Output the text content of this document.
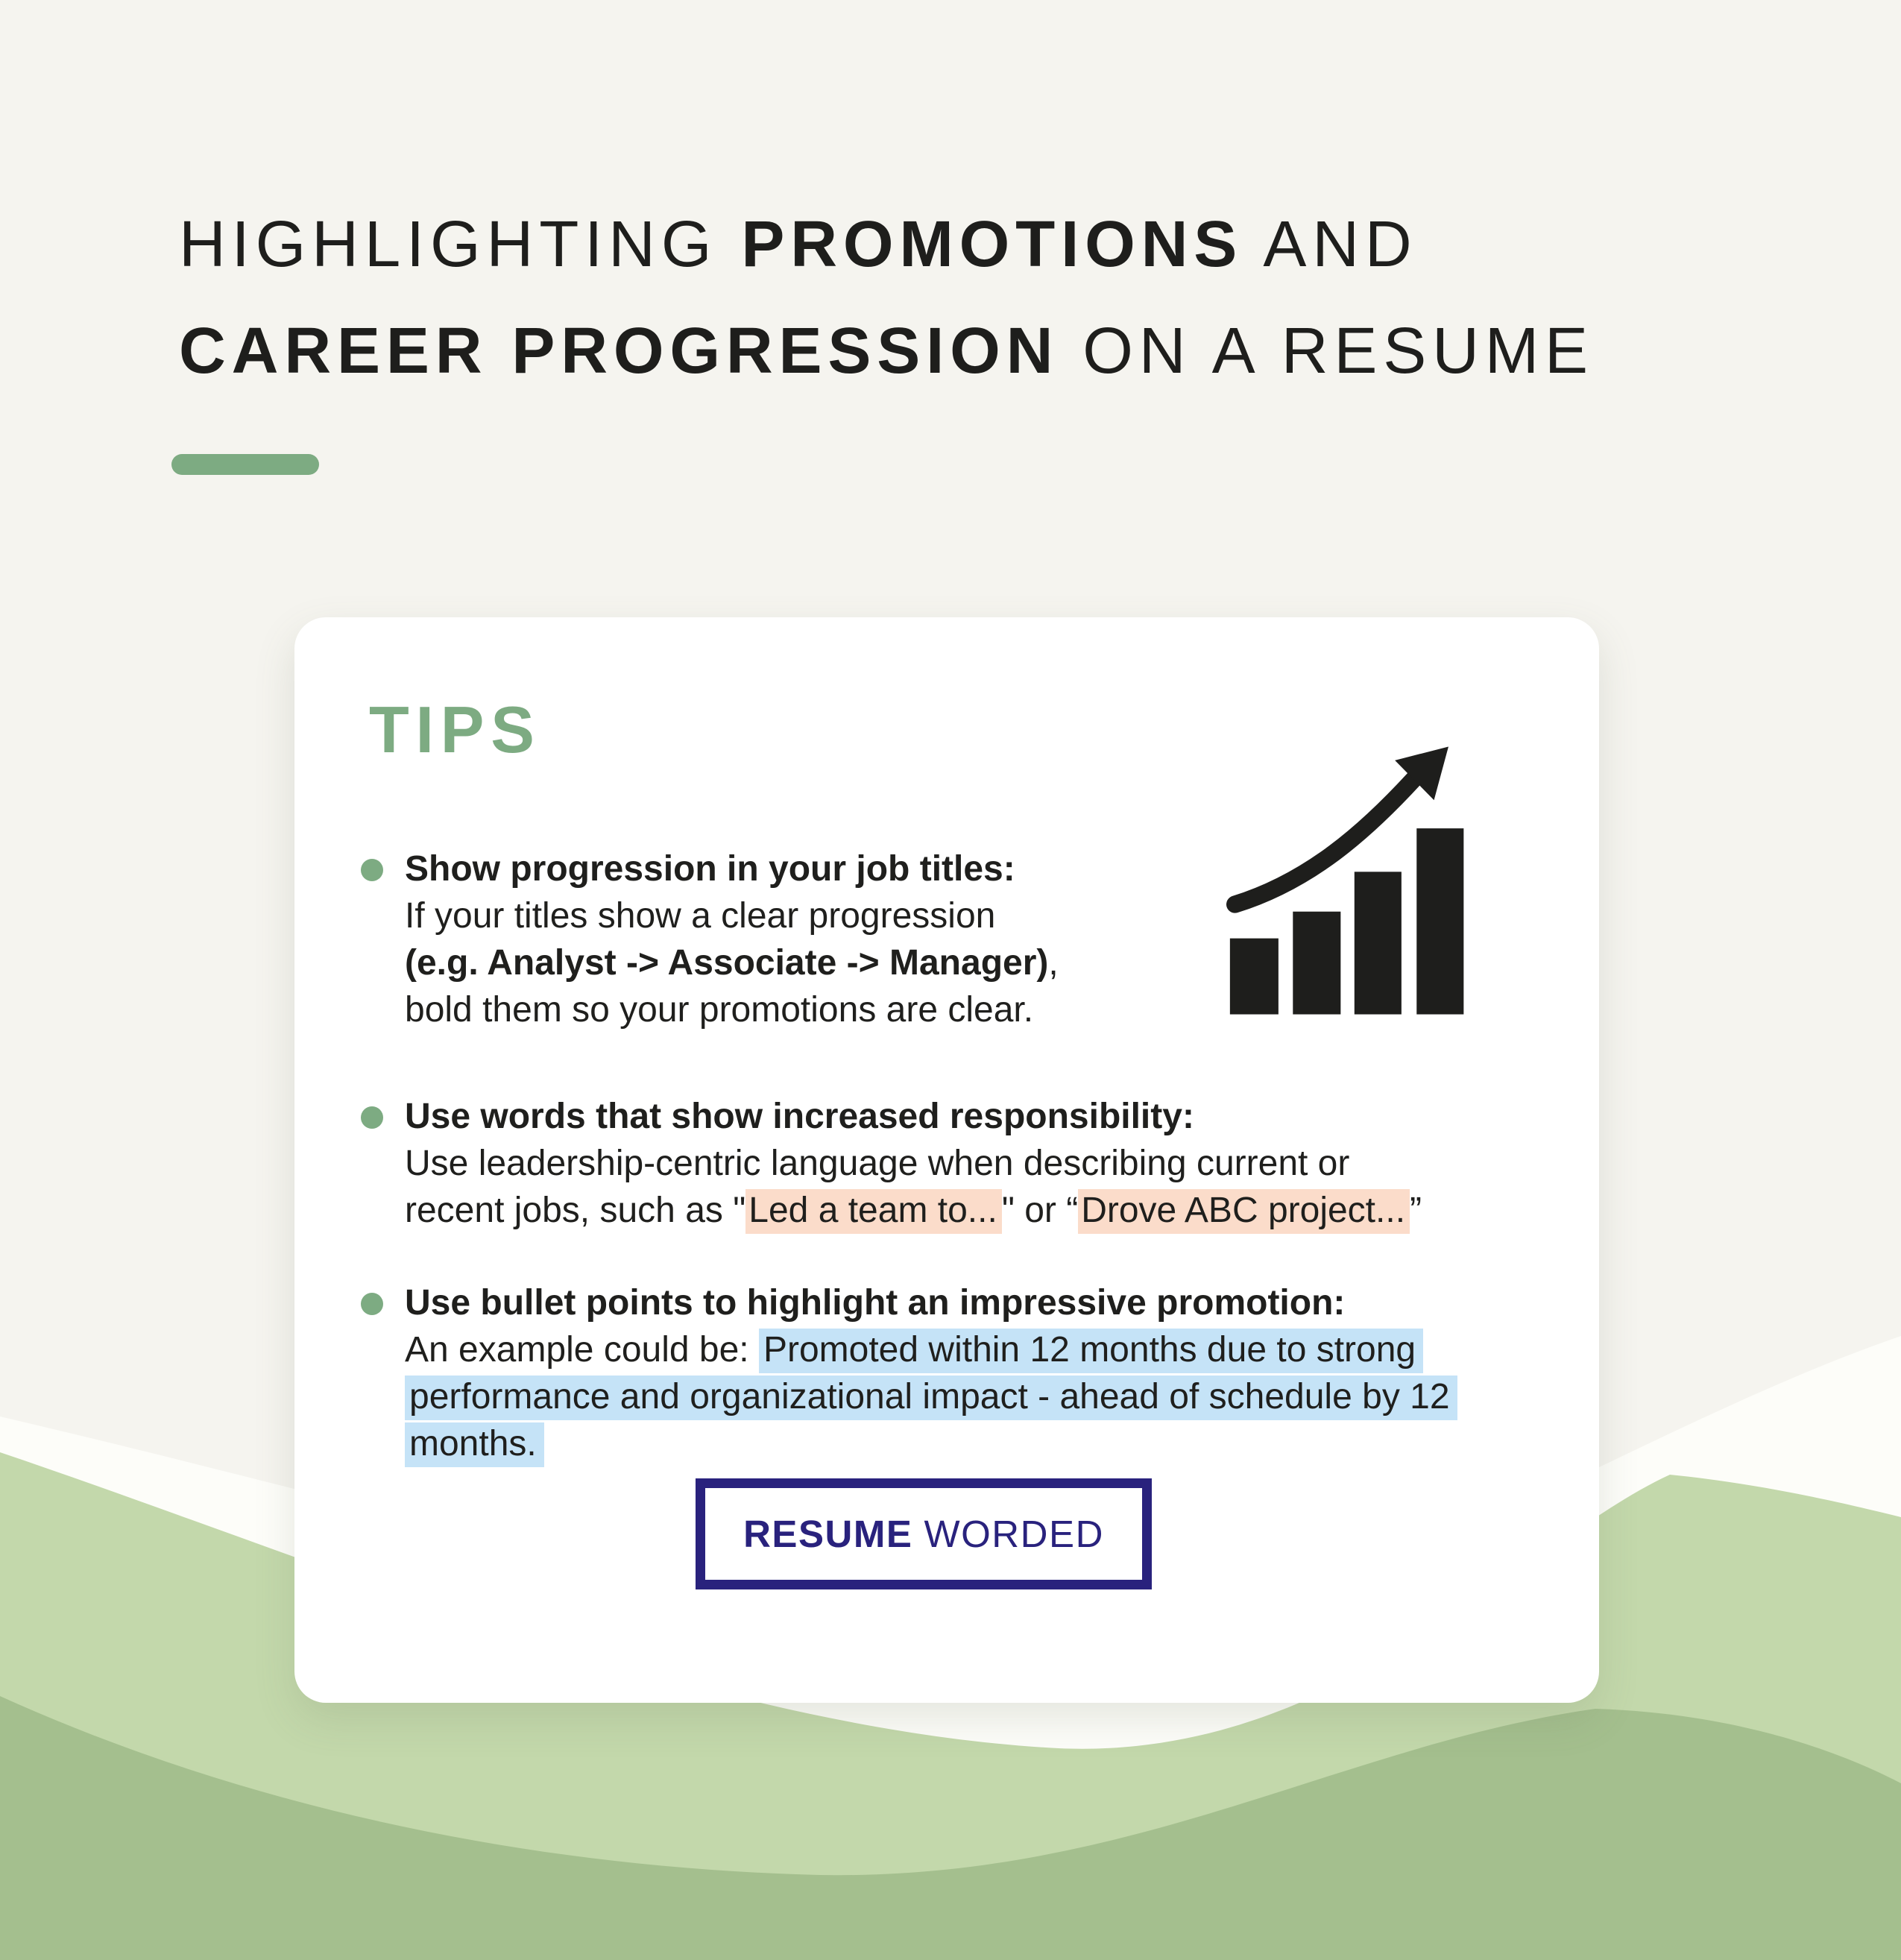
HIGHLIGHTING PROMOTIONS AND
CAREER PROGRESSION ON A RESUME
TIPS
Show progression in your job titles:
If your titles show a clear progression
(e.g. Analyst -> Associate -> Manager),
bold them so your promotions are clear.
Use words that show increased responsibility:
Use leadership-centric language when describing current or
recent jobs, such as "Led a team to... " or “Drove ABC project... ”
Use bullet points to highlight an impressive promotion:
An example could be: Promoted within 12 months due to strong
performance and organizational impact - ahead of schedule by 12
months.
RESUME WORDED
